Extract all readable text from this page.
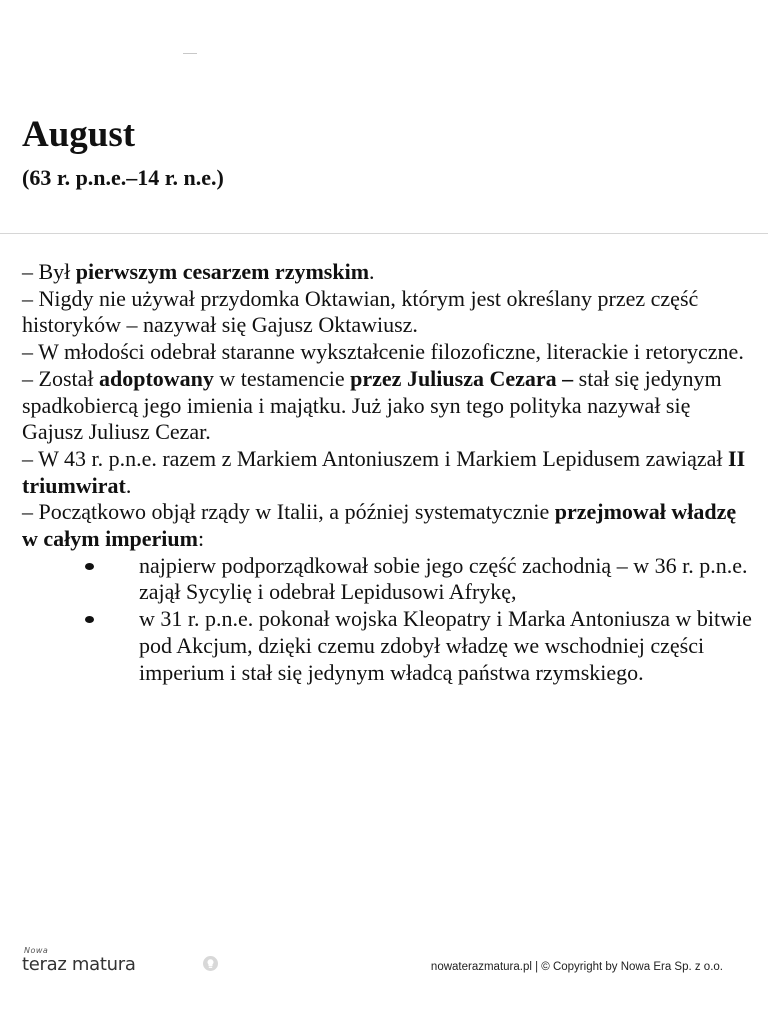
August

(63 r. p.n.e.–14 r. n.e.)

– Był pierwszym cesarzem rzymskim.

– Nigdy nie używał przydomka Oktawian, którym jest określany przez część historyków – nazywał się Gajusz Oktawiusz.

– W młodości odebrał staranne wykształcenie filozoficzne, literackie i retoryczne.

– Został adoptowany w testamencie przez Juliusza Cezara – stał się jedynym spadkobiercą jego imienia i majątku. Już jako syn tego polityka nazywał się Gajusz Juliusz Cezar.

– W 43 r. p.n.e. razem z Markiem Antoniuszem i Markiem Lepidusem zawiązał II triumwirat.

– Początkowo objął rządy w Italii, a później systematycznie przejmował władzę w całym imperium:

najpierw podporządkował sobie jego część zachodnią – w 36 r. p.n.e. zajął Sycylię i odebrał Lepidusowi Afrykę,
w 31 r. p.n.e. pokonał wojska Kleopatry i Marka Antoniusza w bitwie pod Akcjum, dzięki czemu zdobył władzę we wschodniej części imperium i stał się jedynym władcą państwa rzymskiego.
Nowa
teraz matura	nowaterazmatura.pl | © Copyright by Nowa Era Sp. z o.o.
